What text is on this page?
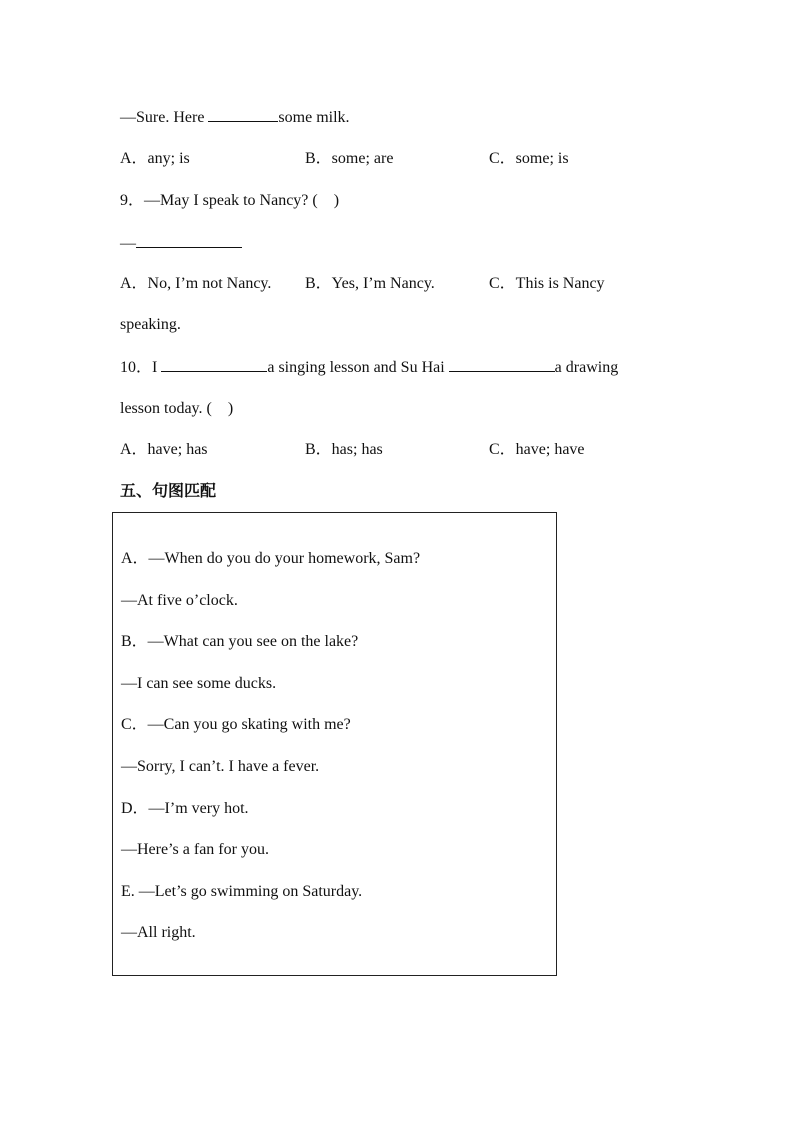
—Sure. Here	some milk.
A．any; is	B．some; are	C．some; is
9．—May I speak to Nancy? (　)
—
A．No, I’m not Nancy. B．Yes, I’m Nancy.	C．This is Nancy
speaking.
10．I	a singing lesson and Su Hai	a drawing
lesson today. (　)
A．have; has	B．has; has	C．have; have
五、句图匹配
A．—When do you do your homework, Sam?
—At five o’clock.
B．—What can you see on the lake?
—I can see some ducks.
C．—Can you go skating with me?
—Sorry, I can’t. I have a fever.
D．—I’m very hot.
—Here’s a fan for you.
E. —Let’s go swimming on Saturday.
—All right.
